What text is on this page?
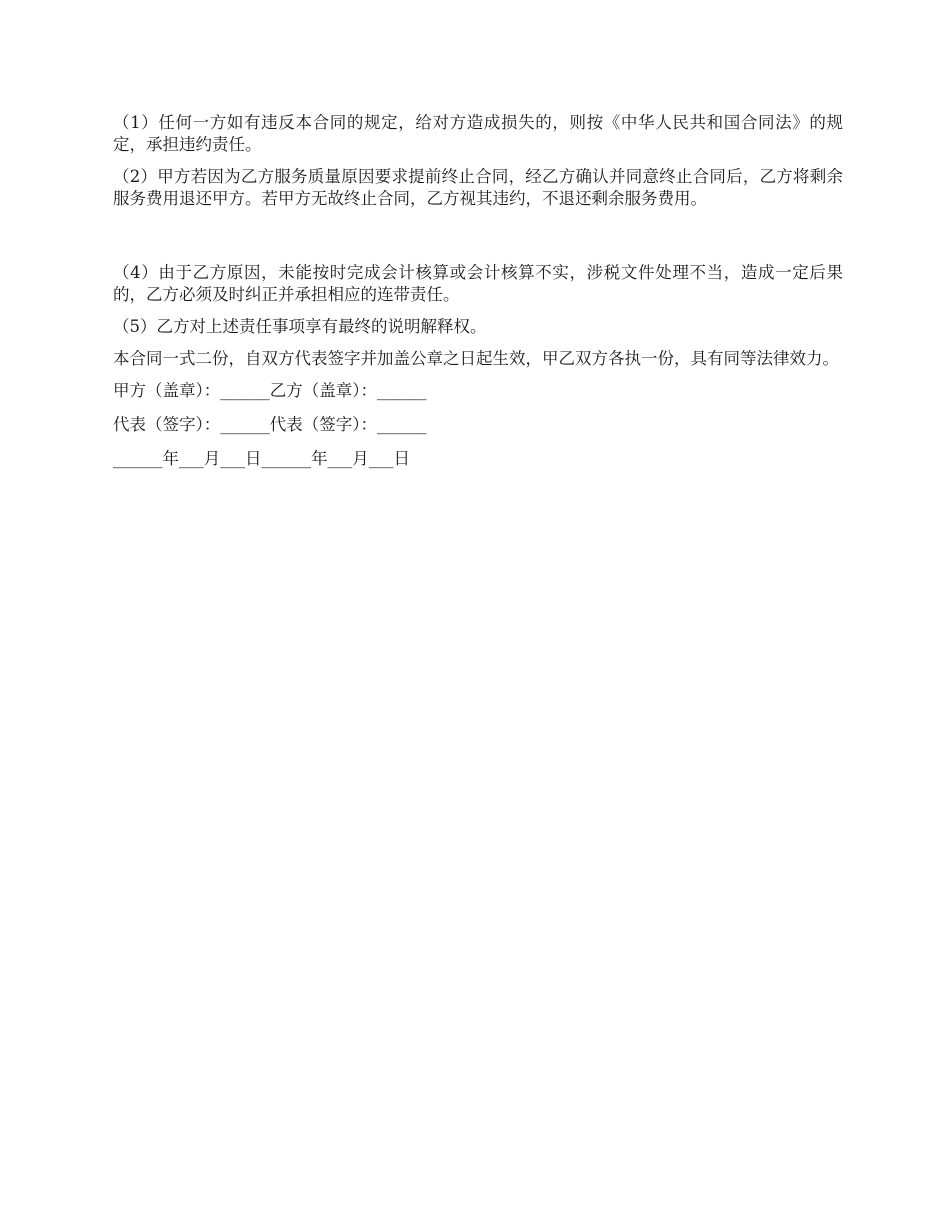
（1）任何一方如有违反本合同的规定，给对方造成损失的，则按《中华人民共和国合同法》的规定，承担违约责任。

（2）甲方若因为乙方服务质量原因要求提前终止合同，经乙方确认并同意终止合同后，乙方将剩余服务费用退还甲方。若甲方无故终止合同，乙方视其违约，不退还剩余服务费用。

（4）由于乙方原因，未能按时完成会计核算或会计核算不实，涉税文件处理不当，造成一定后果的，乙方必须及时纠正并承担相应的连带责任。

（5）乙方对上述责任事项享有最终的说明解释权。

本合同一式二份，自双方代表签字并加盖公章之日起生效，甲乙双方各执一份，具有同等法律效力。

甲方（盖章）：______乙方（盖章）：______

代表（签字）：______代表（签字）：______

______年___月___日______年___月___日
